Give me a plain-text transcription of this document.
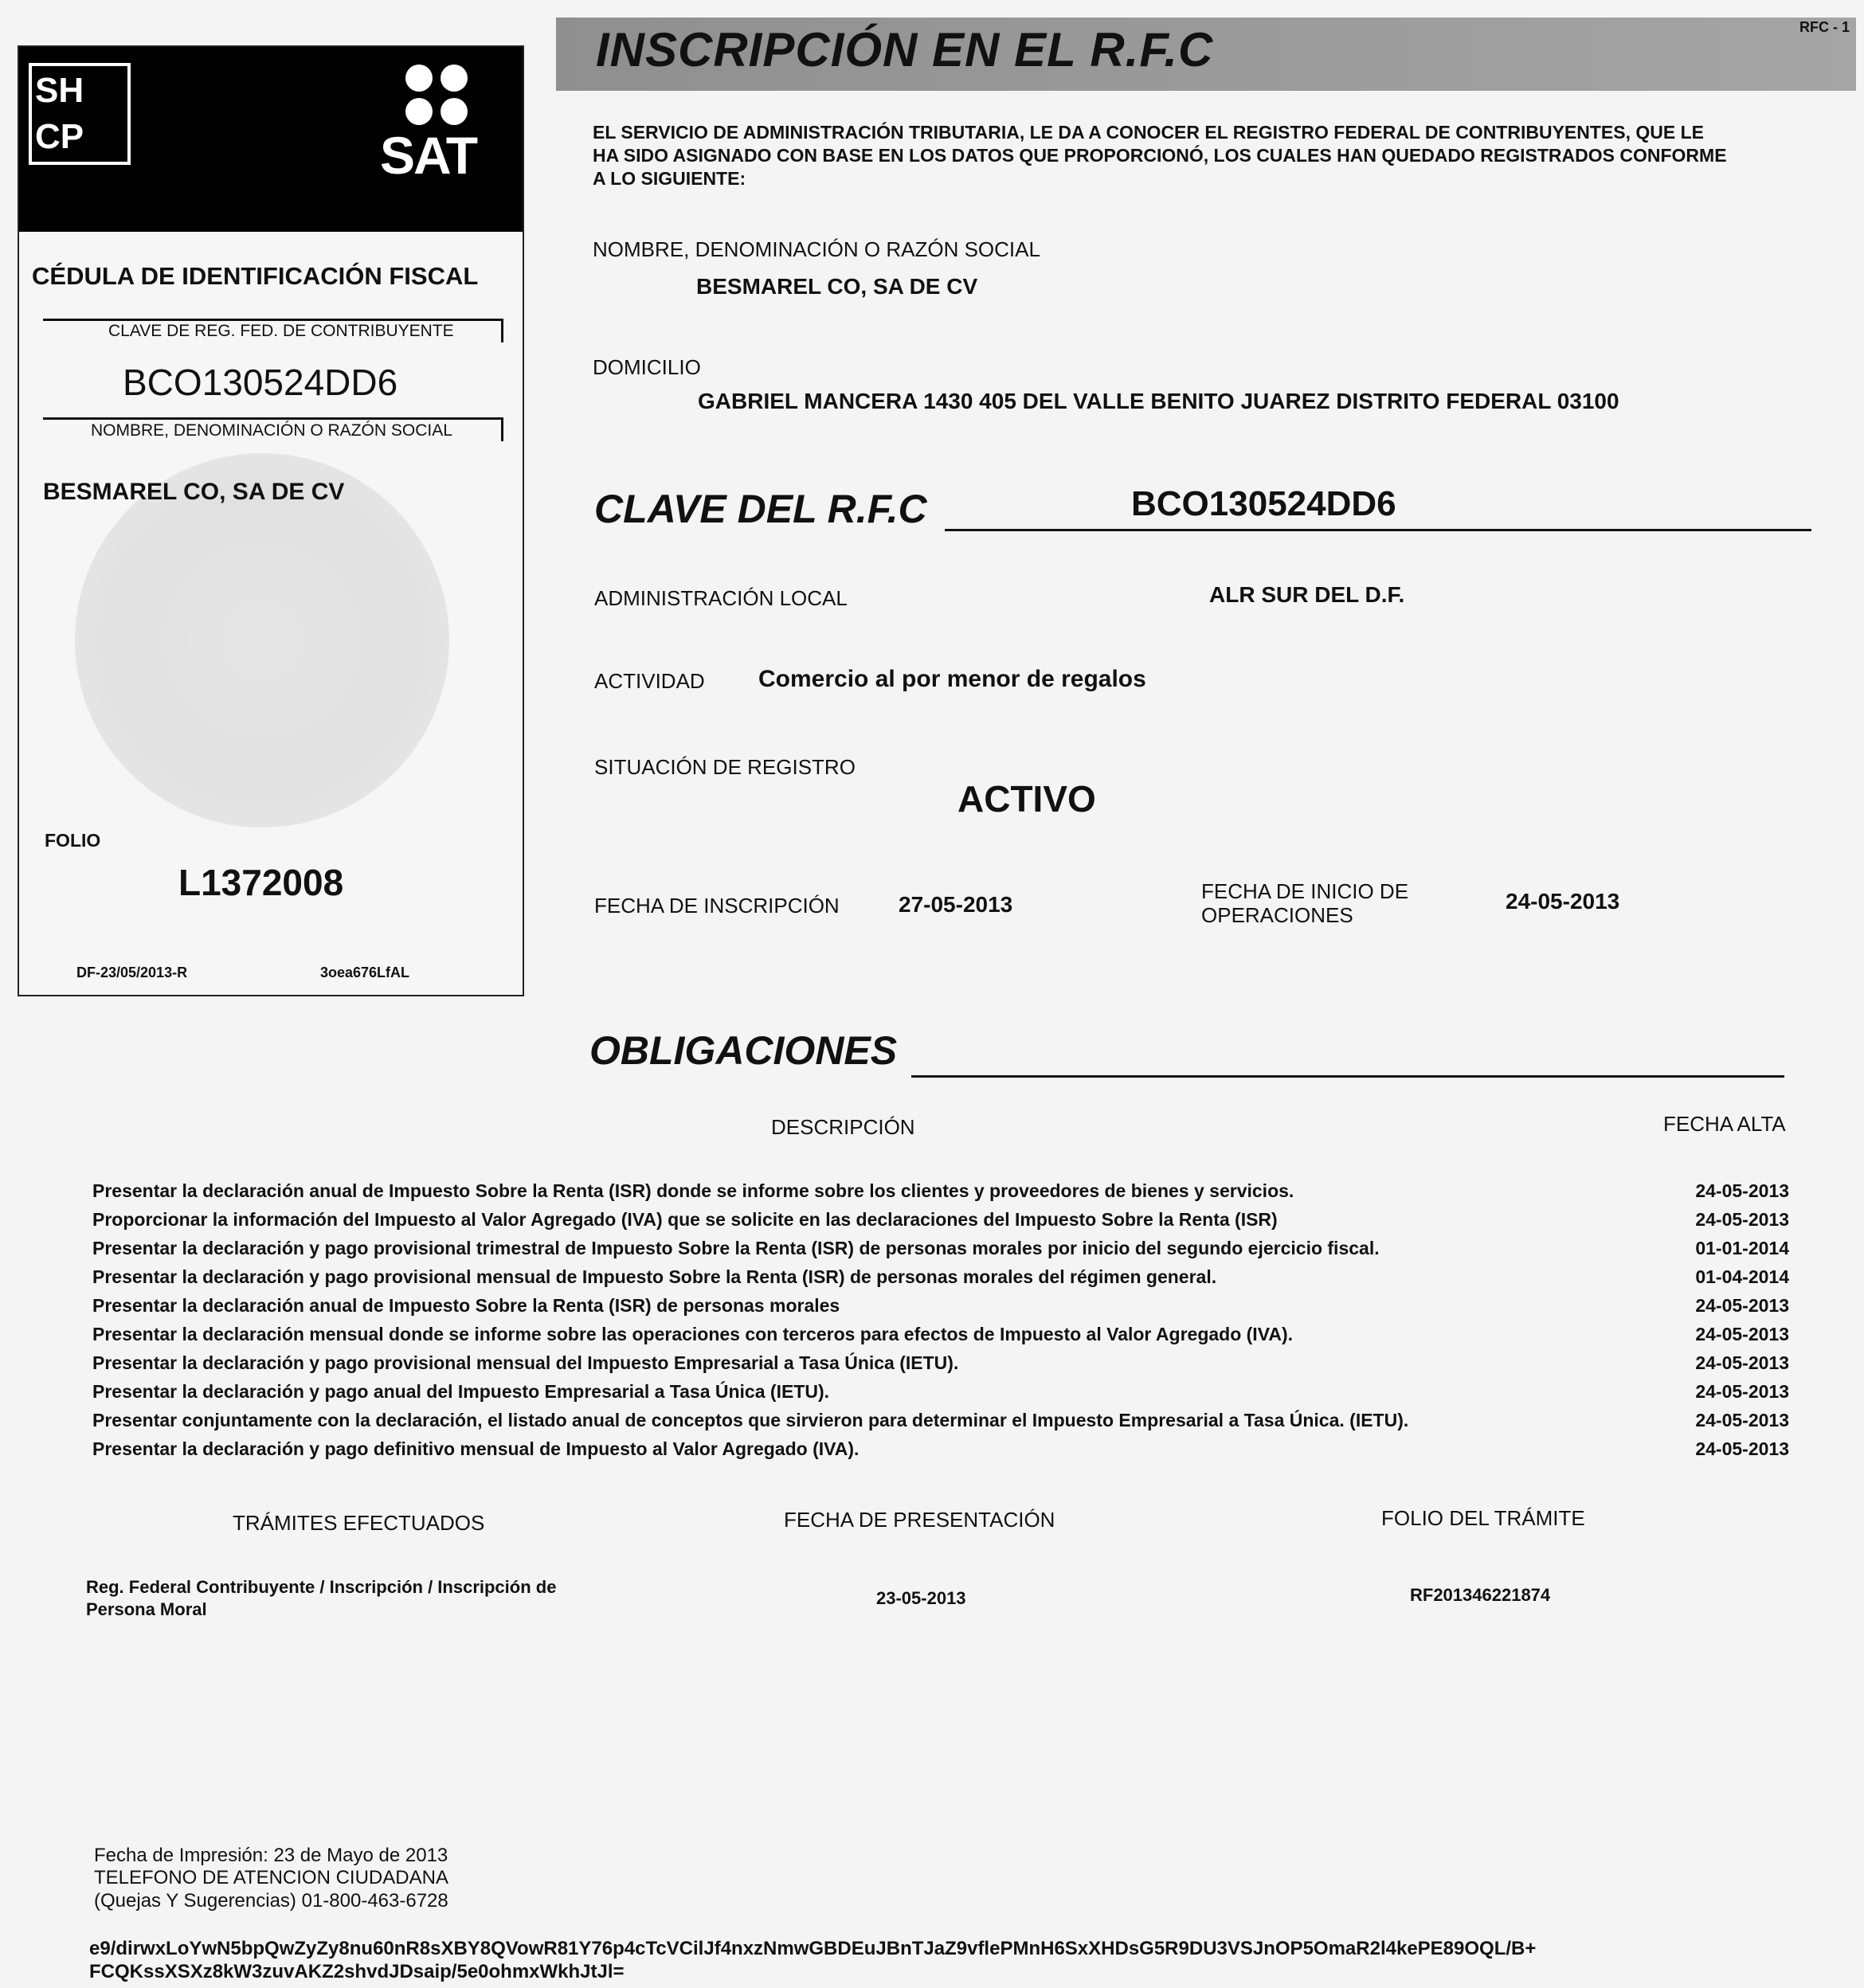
SH
CP	SAT
CÉDULA DE IDENTIFICACIÓN FISCAL
CLAVE DE REG. FED. DE CONTRIBUYENTE
BCO130524DD6
NOMBRE, DENOMINACIÓN O RAZÓN SOCIAL
BESMAREL CO, SA DE CV
FOLIO
L1372008
DF-23/05/2013-R	3oea676LfAL
INSCRIPCIÓN EN EL R.F.C	RFC - 1
EL SERVICIO DE ADMINISTRACIÓN TRIBUTARIA, LE DA A CONOCER EL REGISTRO FEDERAL DE CONTRIBUYENTES, QUE LE
HA SIDO ASIGNADO CON BASE EN LOS DATOS QUE PROPORCIONÓ, LOS CUALES HAN QUEDADO REGISTRADOS CONFORME
A LO SIGUIENTE:
NOMBRE, DENOMINACIÓN O RAZÓN SOCIAL
BESMAREL CO, SA DE CV
DOMICILIO
GABRIEL MANCERA 1430 405 DEL VALLE BENITO JUAREZ DISTRITO FEDERAL 03100
CLAVE DEL R.F.C	BCO130524DD6
ADMINISTRACIÓN LOCAL	ALR SUR DEL D.F.
ACTIVIDAD Comercio al por menor de regalos
SITUACIÓN DE REGISTRO
ACTIVO
FECHA DE INSCRIPCIÓN	27-05-2013
FECHA DE INICIO DE
OPERACIONES
24-05-2013
OBLIGACIONES
DESCRIPCIÓN	FECHA ALTA
Presentar la declaración anual de Impuesto Sobre la Renta (ISR) donde se informe sobre los clientes y proveedores de bienes y servicios.	24-05-2013
Proporcionar la información del Impuesto al Valor Agregado (IVA) que se solicite en las declaraciones del Impuesto Sobre la Renta (ISR)	24-05-2013
Presentar la declaración y pago provisional trimestral de Impuesto Sobre la Renta (ISR) de personas morales por inicio del segundo ejercicio fiscal.	01-01-2014
Presentar la declaración y pago provisional mensual de Impuesto Sobre la Renta (ISR) de personas morales del régimen general.	01-04-2014
Presentar la declaración anual de Impuesto Sobre la Renta (ISR) de personas morales	24-05-2013
Presentar la declaración mensual donde se informe sobre las operaciones con terceros para efectos de Impuesto al Valor Agregado (IVA).	24-05-2013
Presentar la declaración y pago provisional mensual del Impuesto Empresarial a Tasa Única (IETU).	24-05-2013
Presentar la declaración y pago anual del Impuesto Empresarial a Tasa Única (IETU).	24-05-2013
Presentar conjuntamente con la declaración, el listado anual de conceptos que sirvieron para determinar el Impuesto Empresarial a Tasa Única. (IETU).	24-05-2013
Presentar la declaración y pago definitivo mensual de Impuesto al Valor Agregado (IVA).	24-05-2013
TRÁMITES EFECTUADOS	FECHA DE PRESENTACIÓN	FOLIO DEL TRÁMITE
Reg. Federal Contribuyente / Inscripción / Inscripción de
Persona Moral
23-05-2013	RF201346221874
Fecha de Impresión: 23 de Mayo de 2013
TELEFONO DE ATENCION CIUDADANA
(Quejas Y Sugerencias) 01-800-463-6728
e9/dirwxLoYwN5bpQwZyZy8nu60nR8sXBY8QVowR81Y76p4cTcVCilJf4nxzNmwGBDEuJBnTJaZ9vflePMnH6SxXHDsG5R9DU3VSJnOP5OmaR2l4kePE89OQL/B+
FCQKssXSXz8kW3zuvAKZ2shvdJDsaip/5e0ohmxWkhJtJl=
